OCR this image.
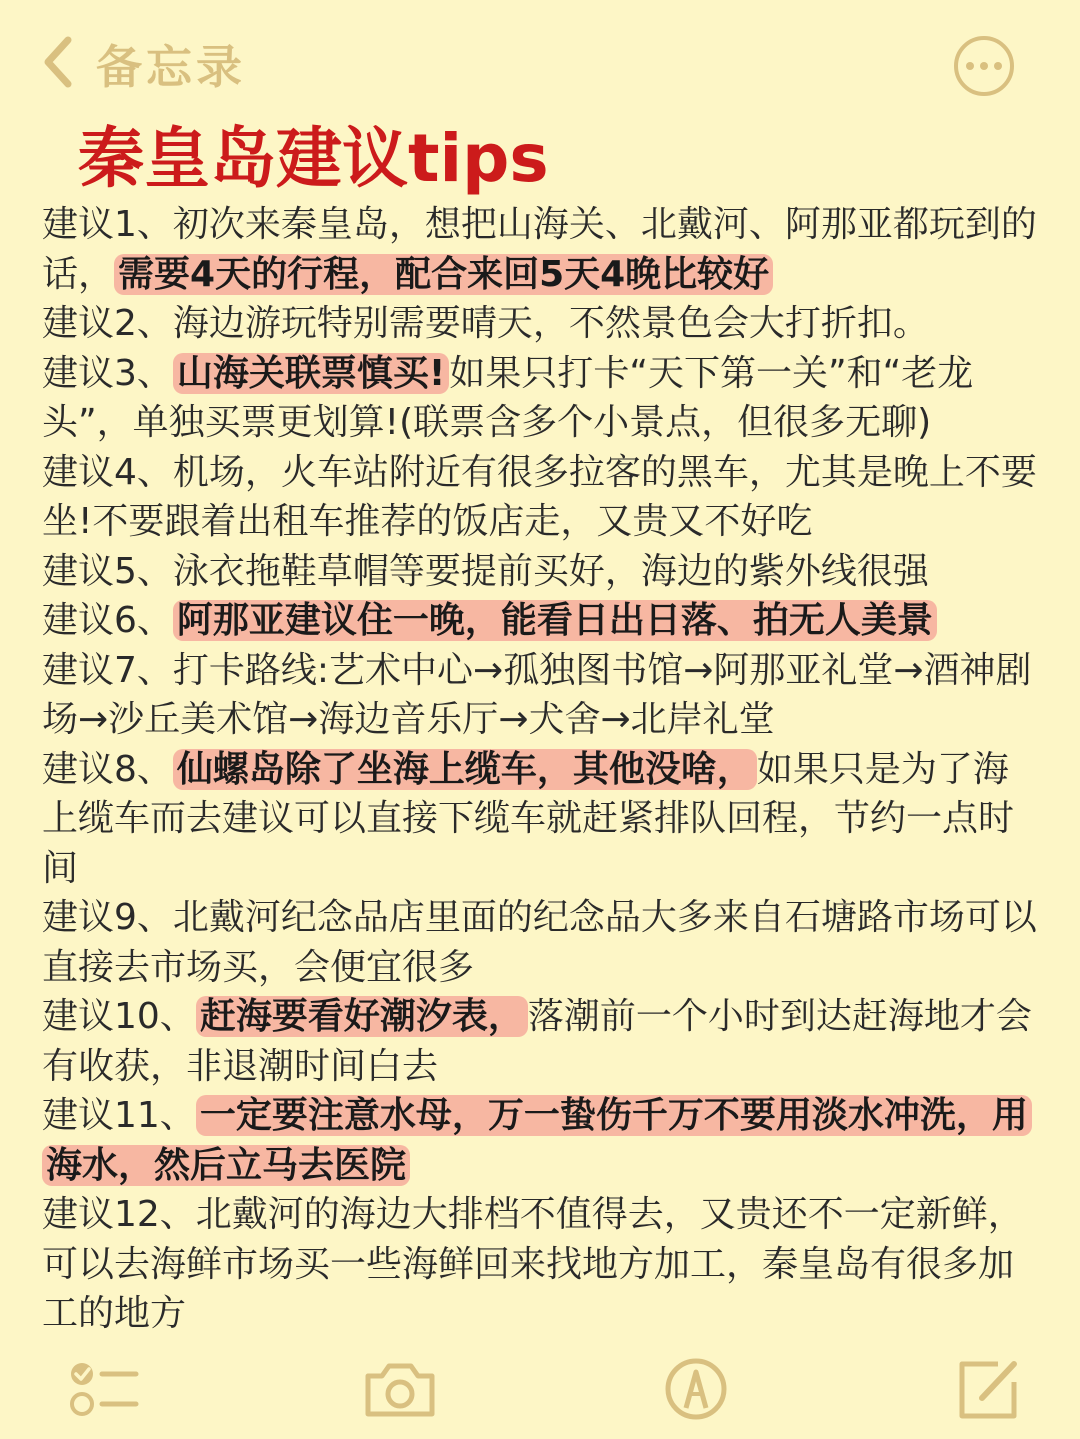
备忘录
秦皇岛建议tips

建议1、初次来秦皇岛，想把山海关、北戴河、阿那亚都玩到的话， 需要4天的行程，配合来回5天4晚比较好

建议2、海边游玩特别需要晴天，不然景色会大打折扣。

建议3、 山海关联票慎买! 如果只打卡“天下第一关”和“老龙头”，单独买票更划算!(联票含多个小景点，但很多无聊)

建议4、机场，火车站附近有很多拉客的黑车，尤其是晚上不要坐!不要跟着出租车推荐的饭店走，又贵又不好吃

建议5、泳衣拖鞋草帽等要提前买好，海边的紫外线很强

建议6、 阿那亚建议住一晚，能看日出日落、拍无人美景

建议7、打卡路线:艺术中心→孤独图书馆→阿那亚礼堂→酒神剧场→沙丘美术馆→海边音乐厅→犬舍→北岸礼堂

建议8、 仙螺岛除了坐海上缆车，其他没啥， 如果只是为了海上缆车而去建议可以直接下缆车就赶紧排队回程，节约一点时间

建议9、北戴河纪念品店里面的纪念品大多来自石塘路市场可以直接去市场买，会便宜很多

建议10、 赶海要看好潮汐表， 落潮前一个小时到达赶海地才会有收获，非退潮时间白去

建议11、 一定要注意水母，万一蛰伤千万不要用淡水冲洗，用海水，然后立马去医院

建议12、北戴河的海边大排档不值得去，又贵还不一定新鲜，可以去海鲜市场买一些海鲜回来找地方加工，秦皇岛有很多加工的地方
